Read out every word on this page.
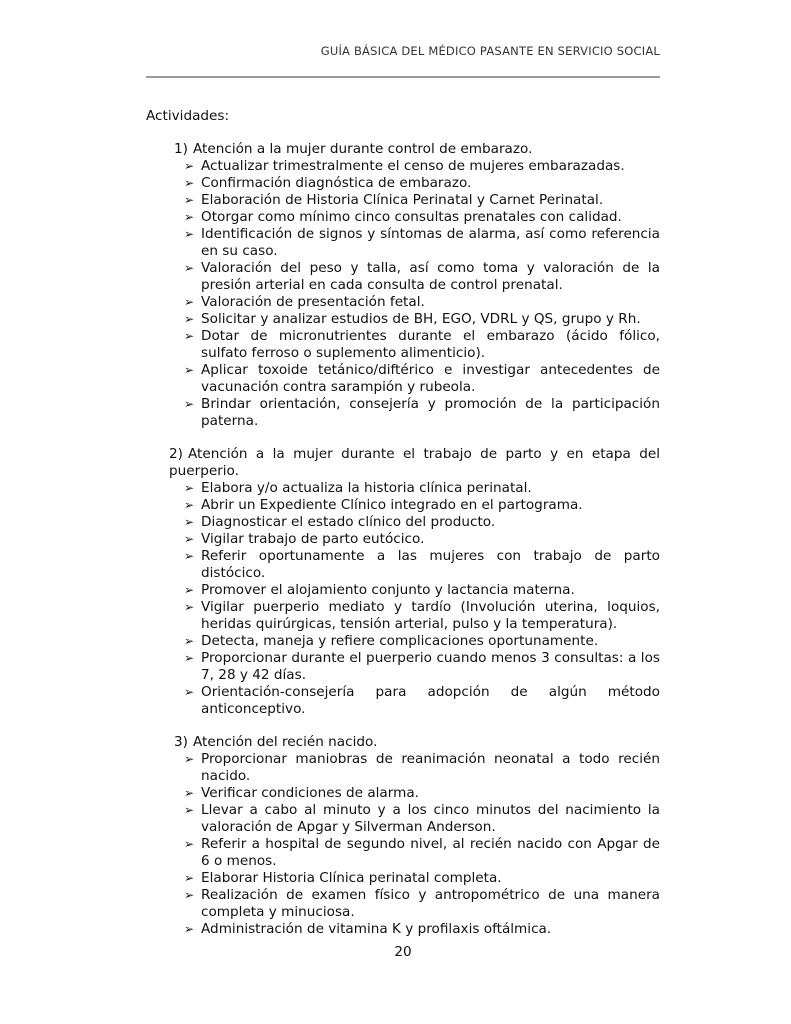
GUÍA BÁSICA DEL MÉDICO PASANTE EN SERVICIO SOCIAL
Actividades:
1) Atención a la mujer durante control de embarazo.
➢ Actualizar trimestralmente el censo de mujeres embarazadas.
➢ Confirmación diagnóstica de embarazo.
➢ Elaboración de Historia Clínica Perinatal y Carnet Perinatal.
➢ Otorgar como mínimo cinco consultas prenatales con calidad.
➢ Identificación de signos y síntomas de alarma, así como referencia en su caso.
➢ Valoración del peso y talla, así como toma y valoración de la presión arterial en cada consulta de control prenatal.
➢ Valoración de presentación fetal.
➢ Solicitar y analizar estudios de BH, EGO, VDRL y QS, grupo y Rh.
➢ Dotar de micronutrientes durante el embarazo (ácido fólico, sulfato ferroso o suplemento alimenticio).
➢ Aplicar toxoide tetánico/diftérico e investigar antecedentes de vacunación contra sarampión y rubeola.
➢ Brindar orientación, consejería y promoción de la participación paterna.
2) Atención a la mujer durante el trabajo de parto y en etapa del puerperio.
➢ Elabora y/o actualiza la historia clínica perinatal.
➢ Abrir un Expediente Clínico integrado en el partograma.
➢ Diagnosticar el estado clínico del producto.
➢ Vigilar trabajo de parto eutócico.
➢ Referir oportunamente a las mujeres con trabajo de parto distócico.
➢ Promover el alojamiento conjunto y lactancia materna.
➢ Vigilar puerperio mediato y tardío (Involución uterina, loquios, heridas quirúrgicas, tensión arterial, pulso y la temperatura).
➢ Detecta, maneja y refiere complicaciones oportunamente.
➢ Proporcionar durante el puerperio cuando menos 3 consultas: a los 7, 28 y 42 días.
➢ Orientación-consejería para adopción de algún método anticonceptivo.
3) Atención del recién nacido.
➢ Proporcionar maniobras de reanimación neonatal a todo recién nacido.
➢ Verificar condiciones de alarma.
➢ Llevar a cabo al minuto y a los cinco minutos del nacimiento la valoración de Apgar y Silverman Anderson.
➢ Referir a hospital de segundo nivel, al recién nacido con Apgar de 6 o menos.
➢ Elaborar Historia Clínica perinatal completa.
➢ Realización de examen físico y antropométrico de una manera completa y minuciosa.
➢ Administración de vitamina K y profilaxis oftálmica.
20
